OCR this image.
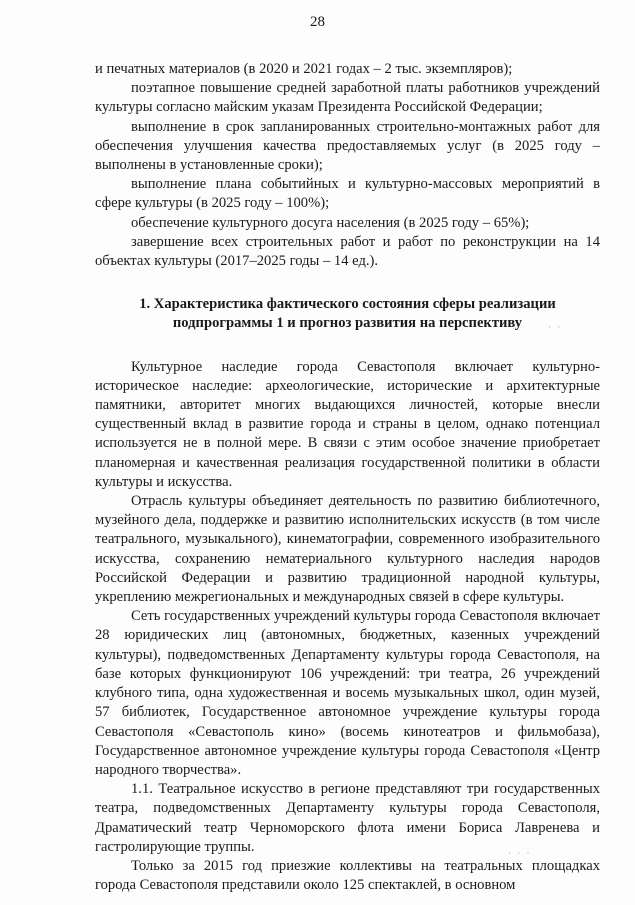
28

и печатных материалов (в 2020 и 2021 годах – 2 тыс. экземпляров);

поэтапное повышение средней заработной платы работников учреждений культуры согласно майским указам Президента Российской Федерации;

выполнение в срок запланированных строительно-монтажных работ для обеспечения улучшения качества предоставляемых услуг (в 2025 году – выполнены в установленные сроки);

выполнение плана событийных и культурно-массовых мероприятий в сфере культуры (в 2025 году – 100%);

обеспечение культурного досуга населения (в 2025 году – 65%);

завершение всех строительных работ и работ по реконструкции на 14 объектах культуры (2017–2025 годы – 14 ед.).

1. Характеристика фактического состояния сферы реализации подпрограммы 1 и прогноз развития на перспективу

Культурное наследие города Севастополя включает культурно-историческое наследие: археологические, исторические и архитектурные памятники, авторитет многих выдающихся личностей, которые внесли существенный вклад в развитие города и страны в целом, однако потенциал используется не в полной мере. В связи с этим особое значение приобретает планомерная и качественная реализация государственной политики в области культуры и искусства.

Отрасль культуры объединяет деятельность по развитию библиотечного, музейного дела, поддержке и развитию исполнительских искусств (в том числе театрального, музыкального), кинематографии, современного изобразительного искусства, сохранению нематериального культурного наследия народов Российской Федерации и развитию традиционной народной культуры, укреплению межрегиональных и международных связей в сфере культуры.

Сеть государственных учреждений культуры города Севастополя включает 28 юридических лиц (автономных, бюджетных, казенных учреждений культуры), подведомственных Департаменту культуры города Севастополя, на базе которых функционируют 106 учреждений: три театра, 26 учреждений клубного типа, одна художественная и восемь музыкальных школ, один музей, 57 библиотек, Государственное автономное учреждение культуры города Севастополя «Севастополь кино» (восемь кинотеатров и фильмобаза), Государственное автономное учреждение культуры города Севастополя «Центр народного творчества».

1.1. Театральное искусство в регионе представляют три государственных театра, подведомственных Департаменту культуры города Севастополя, Драматический театр Черноморского флота имени Бориса Лавренева и гастролирующие труппы.

Только за 2015 год приезжие коллективы на театральных площадках города Севастополя представили около 125 спектаклей, в основном

· ·
· · ·
